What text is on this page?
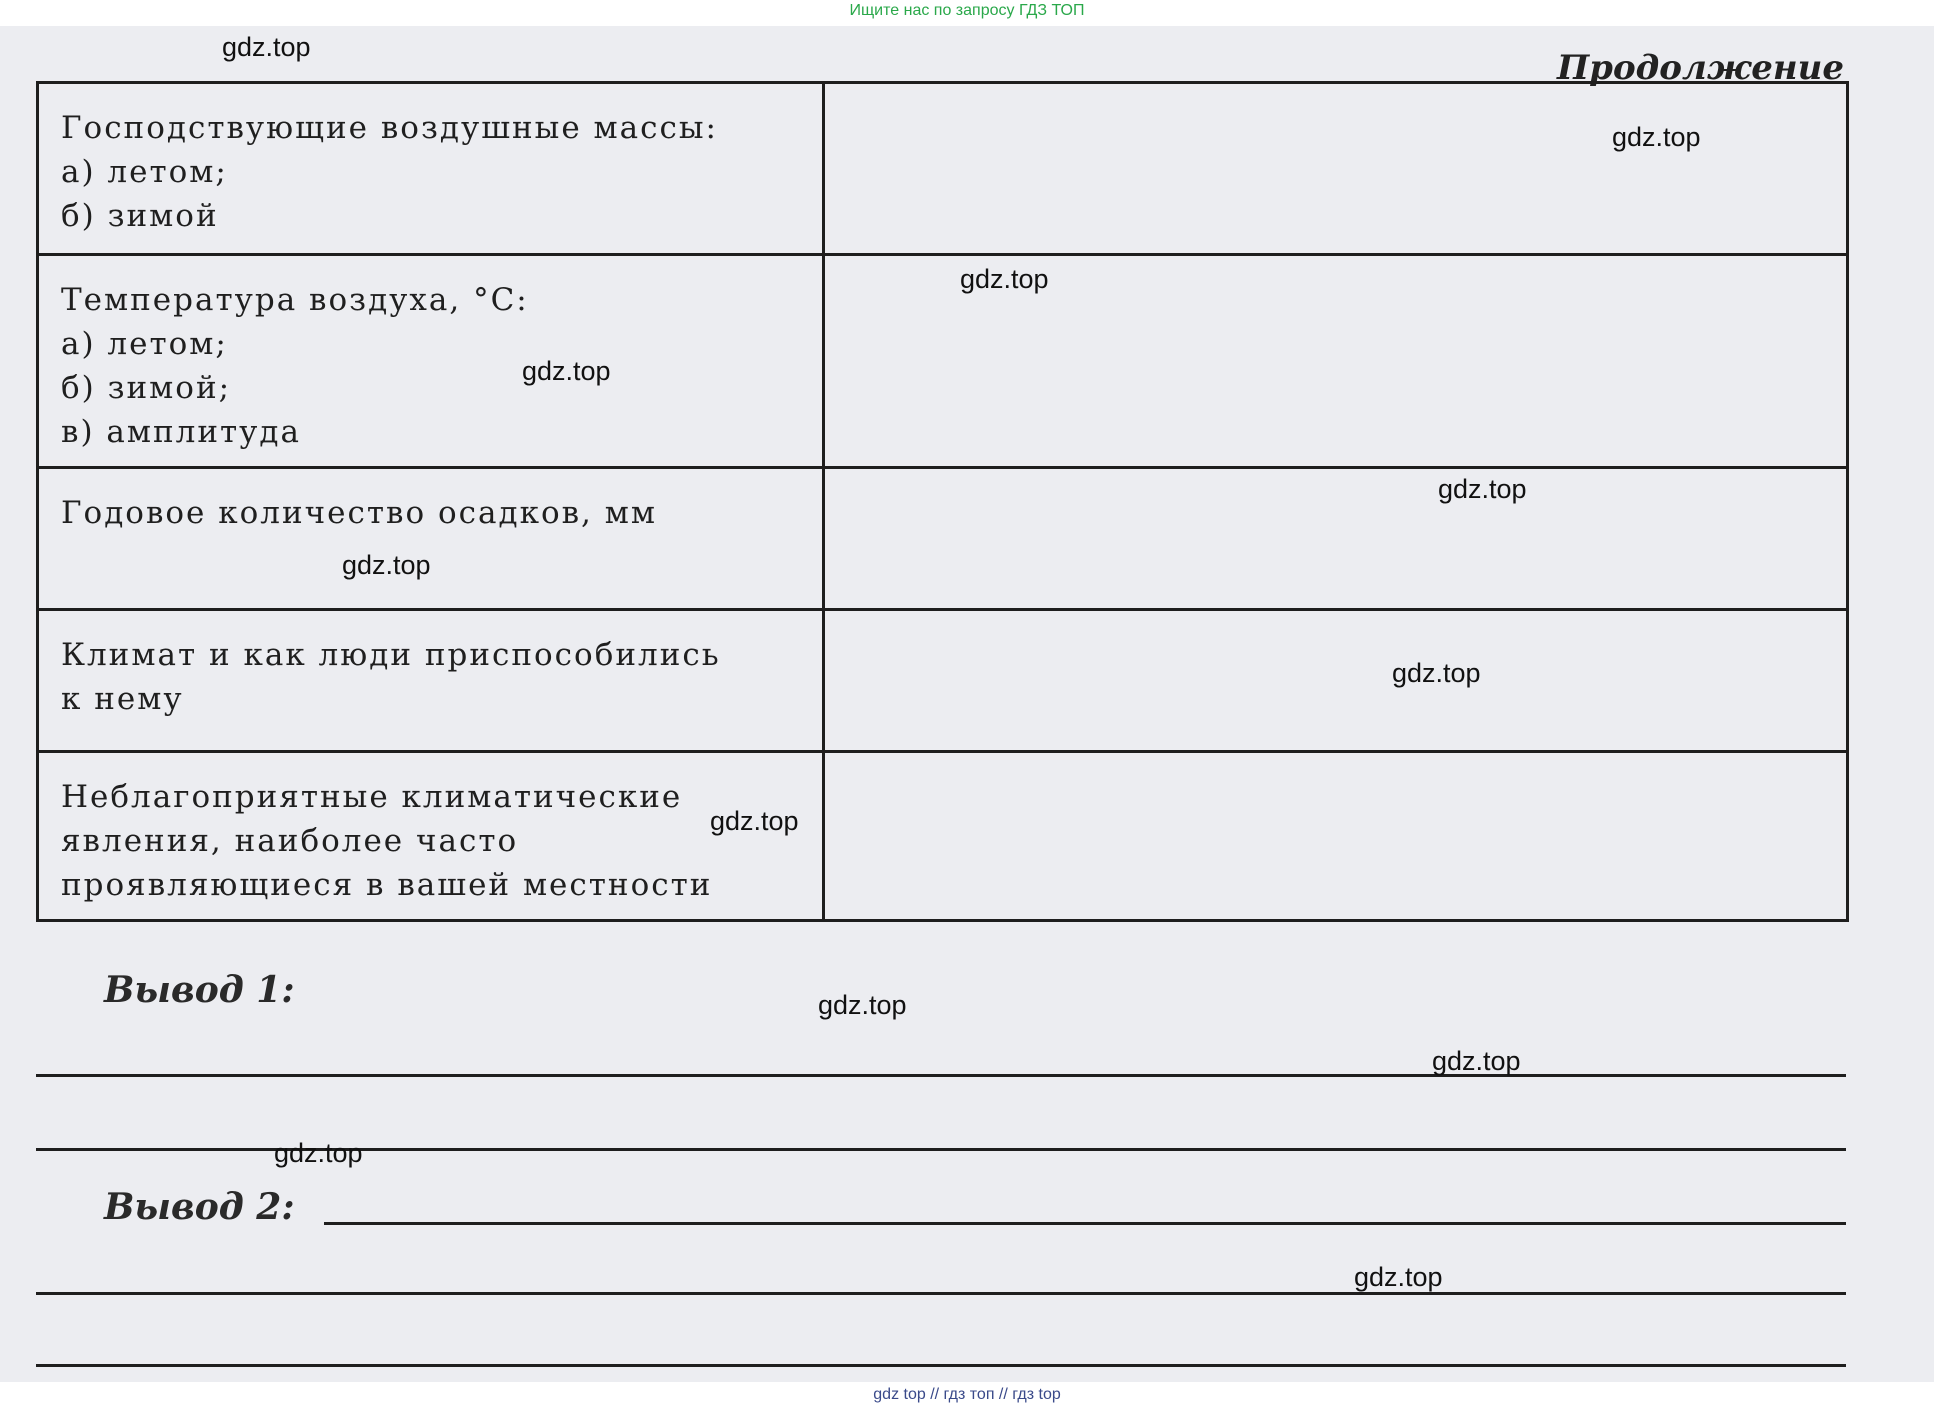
Ищите нас по запросу ГДЗ ТОП
Продолжение
Господствующие воздушные массы:
а) летом;
б) зимой	

Температура воздуха, °С:
а) летом;
б) зимой;
в) амплитуда	

Годовое количество осадков, мм	

Климат и как люди приспособились
к нему	

Неблагоприятные климатические
явления, наиболее часто
проявляющиеся в вашей местности	

Вывод 1:
Вывод 2:
gdz.top
gdz.top
gdz.top
gdz.top
gdz.top
gdz.top
gdz.top
gdz.top
gdz.top
gdz.top
gdz.top
gdz.top
gdz top // гдз топ // гдз top
